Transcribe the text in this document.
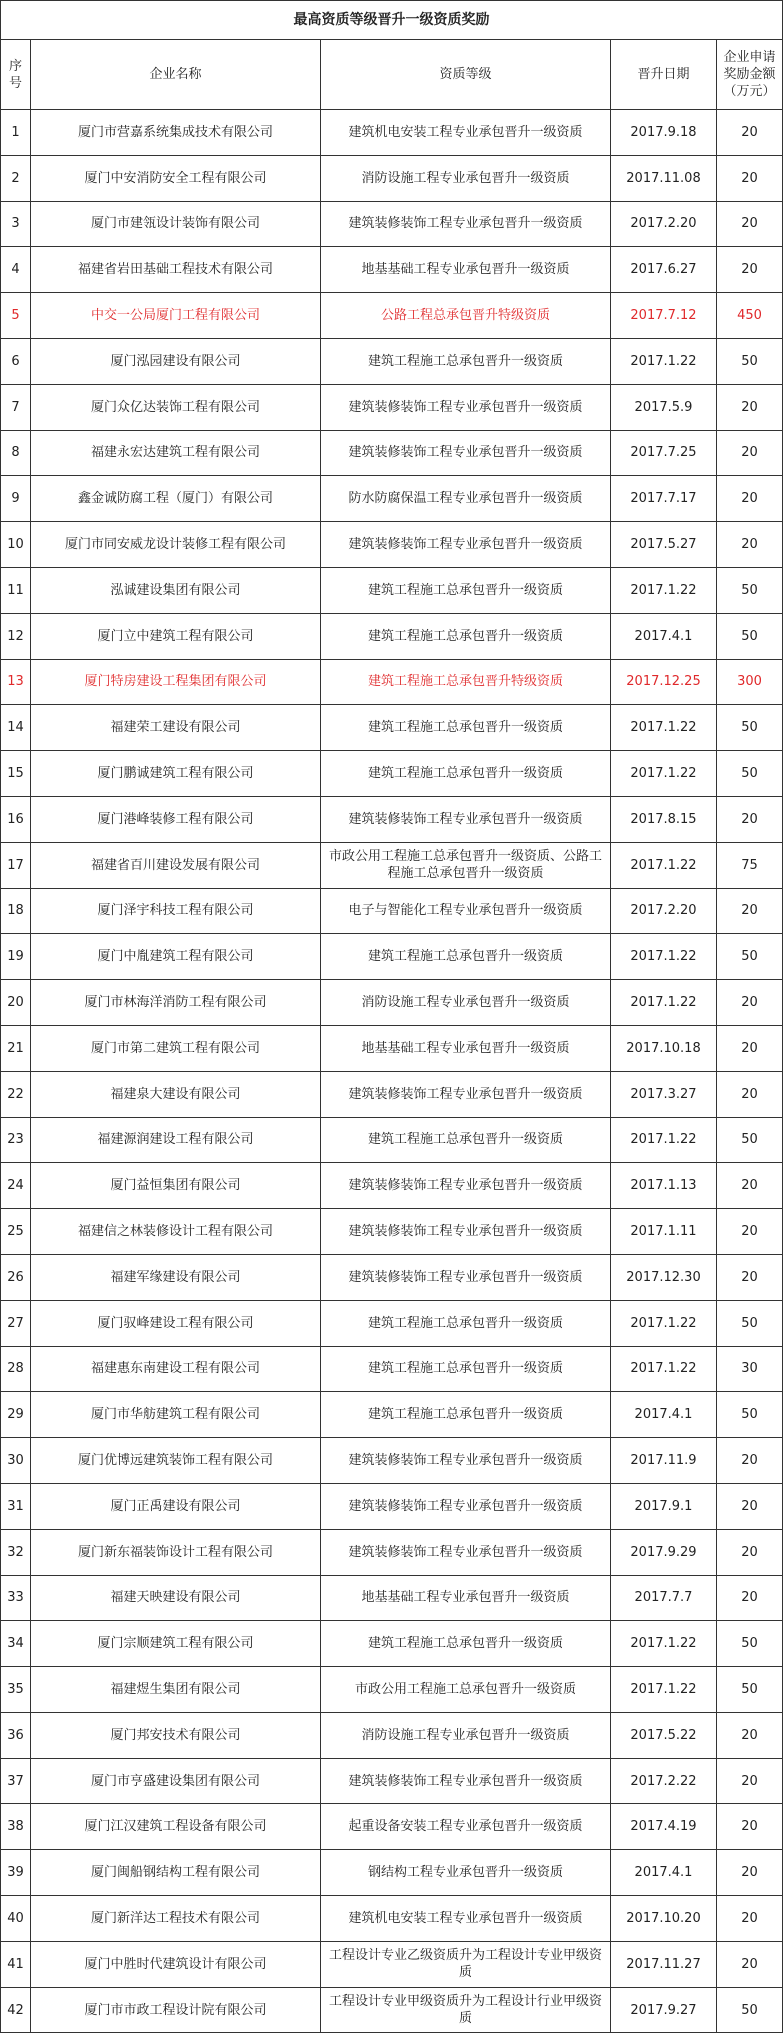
最高资质等级晋升一级资质奖励				
序号	企业名称	资质等级	晋升日期	企业申请奖励金额（万元）
1	厦门市营嘉系统集成技术有限公司	建筑机电安装工程专业承包晋升一级资质	2017.9.18	20
2	厦门中安消防安全工程有限公司	消防设施工程专业承包晋升一级资质	2017.11.08	20
3	厦门市建瓴设计装饰有限公司	建筑装修装饰工程专业承包晋升一级资质	2017.2.20	20
4	福建省岩田基础工程技术有限公司	地基基础工程专业承包晋升一级资质	2017.6.27	20
5	中交一公局厦门工程有限公司	公路工程总承包晋升特级资质	2017.7.12	450
6	厦门泓园建设有限公司	建筑工程施工总承包晋升一级资质	2017.1.22	50
7	厦门众亿达装饰工程有限公司	建筑装修装饰工程专业承包晋升一级资质	2017.5.9	20
8	福建永宏达建筑工程有限公司	建筑装修装饰工程专业承包晋升一级资质	2017.7.25	20
9	鑫金诚防腐工程（厦门）有限公司	防水防腐保温工程专业承包晋升一级资质	2017.7.17	20
10	厦门市同安威龙设计装修工程有限公司	建筑装修装饰工程专业承包晋升一级资质	2017.5.27	20
11	泓诚建设集团有限公司	建筑工程施工总承包晋升一级资质	2017.1.22	50
12	厦门立中建筑工程有限公司	建筑工程施工总承包晋升一级资质	2017.4.1	50
13	厦门特房建设工程集团有限公司	建筑工程施工总承包晋升特级资质	2017.12.25	300
14	福建荣工建设有限公司	建筑工程施工总承包晋升一级资质	2017.1.22	50
15	厦门鹏诚建筑工程有限公司	建筑工程施工总承包晋升一级资质	2017.1.22	50
16	厦门港峰装修工程有限公司	建筑装修装饰工程专业承包晋升一级资质	2017.8.15	20
17	福建省百川建设发展有限公司	市政公用工程施工总承包晋升一级资质、公路工程施工总承包晋升一级资质	2017.1.22	75
18	厦门泽宇科技工程有限公司	电子与智能化工程专业承包晋升一级资质	2017.2.20	20
19	厦门中胤建筑工程有限公司	建筑工程施工总承包晋升一级资质	2017.1.22	50
20	厦门市林海洋消防工程有限公司	消防设施工程专业承包晋升一级资质	2017.1.22	20
21	厦门市第二建筑工程有限公司	地基基础工程专业承包晋升一级资质	2017.10.18	20
22	福建泉大建设有限公司	建筑装修装饰工程专业承包晋升一级资质	2017.3.27	20
23	福建源润建设工程有限公司	建筑工程施工总承包晋升一级资质	2017.1.22	50
24	厦门益恒集团有限公司	建筑装修装饰工程专业承包晋升一级资质	2017.1.13	20
25	福建信之林装修设计工程有限公司	建筑装修装饰工程专业承包晋升一级资质	2017.1.11	20
26	福建军缘建设有限公司	建筑装修装饰工程专业承包晋升一级资质	2017.12.30	20
27	厦门驭峰建设工程有限公司	建筑工程施工总承包晋升一级资质	2017.1.22	50
28	福建惠东南建设工程有限公司	建筑工程施工总承包晋升一级资质	2017.1.22	30
29	厦门市华舫建筑工程有限公司	建筑工程施工总承包晋升一级资质	2017.4.1	50
30	厦门优博远建筑装饰工程有限公司	建筑装修装饰工程专业承包晋升一级资质	2017.11.9	20
31	厦门正禹建设有限公司	建筑装修装饰工程专业承包晋升一级资质	2017.9.1	20
32	厦门新东福装饰设计工程有限公司	建筑装修装饰工程专业承包晋升一级资质	2017.9.29	20
33	福建天映建设有限公司	地基基础工程专业承包晋升一级资质	2017.7.7	20
34	厦门宗顺建筑工程有限公司	建筑工程施工总承包晋升一级资质	2017.1.22	50
35	福建煜生集团有限公司	市政公用工程施工总承包晋升一级资质	2017.1.22	50
36	厦门邦安技术有限公司	消防设施工程专业承包晋升一级资质	2017.5.22	20
37	厦门市亨盛建设集团有限公司	建筑装修装饰工程专业承包晋升一级资质	2017.2.22	20
38	厦门江汉建筑工程设备有限公司	起重设备安装工程专业承包晋升一级资质	2017.4.19	20
39	厦门闽船钢结构工程有限公司	钢结构工程专业承包晋升一级资质	2017.4.1	20
40	厦门新洋达工程技术有限公司	建筑机电安装工程专业承包晋升一级资质	2017.10.20	20
41	厦门中胜时代建筑设计有限公司	工程设计专业乙级资质升为工程设计专业甲级资质	2017.11.27	20
42	厦门市市政工程设计院有限公司	工程设计专业甲级资质升为工程设计行业甲级资质	2017.9.27	50
